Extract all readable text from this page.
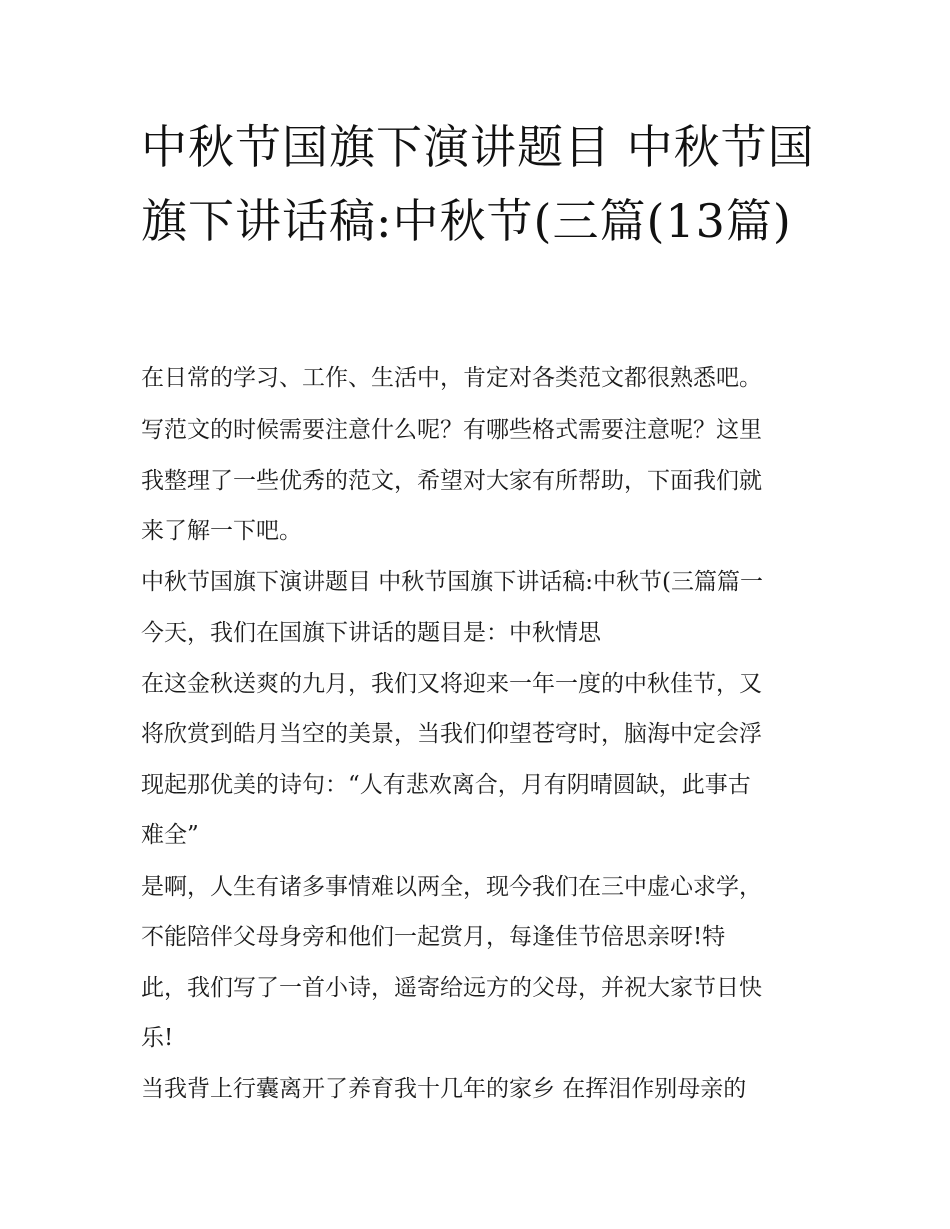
中秋节国旗下演讲题目 中秋节国旗下讲话稿:中秋节(三篇(13篇)

在日常的学习、工作、生活中，肯定对各类范文都很熟悉吧。

写范文的时候需要注意什么呢？有哪些格式需要注意呢？这里

我整理了一些优秀的范文，希望对大家有所帮助，下面我们就

来了解一下吧。

中秋节国旗下演讲题目 中秋节国旗下讲话稿:中秋节(三篇篇一

今天，我们在国旗下讲话的题目是：中秋情思

在这金秋送爽的九月，我们又将迎来一年一度的中秋佳节，又

将欣赏到皓月当空的美景，当我们仰望苍穹时，脑海中定会浮

现起那优美的诗句：“人有悲欢离合，月有阴晴圆缺，此事古

难全”

是啊，人生有诸多事情难以两全，现今我们在三中虚心求学，

不能陪伴父母身旁和他们一起赏月，每逢佳节倍思亲呀!特

此，我们写了一首小诗，遥寄给远方的父母，并祝大家节日快

乐!

当我背上行囊离开了养育我十几年的家乡 在挥泪作别母亲的
